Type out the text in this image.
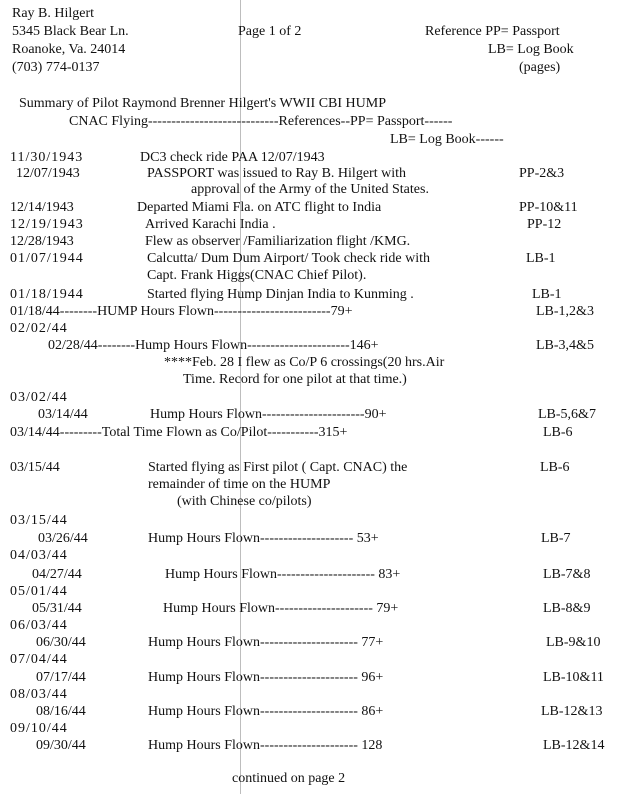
Ray B. Hilgert
5345 Black Bear Ln.
Roanoke, Va. 24014
(703) 774-0137
Page 1 of 2	Reference PP= Passport
LB= Log Book
(pages)
Summary of Pilot Raymond Brenner Hilgert's WWII CBI HUMP
CNAC Flying----------------------------References--PP= Passport------
LB= Log Book------
11/30/1943	DC3 check ride PAA 12/07/1943
12/07/1943	PASSPORT was issued to Ray B. Hilgert with	PP-2&3
approval of the Army of the United States.
12/14/1943	Departed Miami Fla. on ATC flight to India	PP-10&11
12/19/1943	Arrived Karachi India .	PP-12
12/28/1943	Flew as observer /Familiarization flight /KMG.
01/07/1944	Calcutta/ Dum Dum Airport/ Took check ride with	LB-1
Capt. Frank Higgs(CNAC Chief Pilot).
01/18/1944	Started flying Hump Dinjan India to Kunming .	LB-1
01/18/44--------HUMP Hours Flown-------------------------79+	LB-1,2&3
02/02/44
02/28/44--------Hump Hours Flown----------------------146+	LB-3,4&5
****Feb. 28 I flew as Co/P 6 crossings(20 hrs.Air
Time. Record for one pilot at that time.)
03/02/44
03/14/44	Hump Hours Flown----------------------90+	LB-5,6&7
03/14/44---------Total Time Flown as Co/Pilot-----------315+	LB-6
03/15/44	Started flying as First pilot ( Capt. CNAC) the	LB-6
remainder of time on the HUMP
(with Chinese co/pilots)
03/15/44
03/26/44	Hump Hours Flown-------------------- 53+	LB-7
04/03/44
04/27/44	Hump Hours Flown--------------------- 83+	LB-7&8
05/01/44
05/31/44	Hump Hours Flown--------------------- 79+	LB-8&9
06/03/44
06/30/44	Hump Hours Flown--------------------- 77+	LB-9&10
07/04/44
07/17/44	Hump Hours Flown--------------------- 96+	LB-10&11
08/03/44
08/16/44	Hump Hours Flown--------------------- 86+	LB-12&13
09/10/44
09/30/44	Hump Hours Flown--------------------- 128	LB-12&14
continued on page 2
